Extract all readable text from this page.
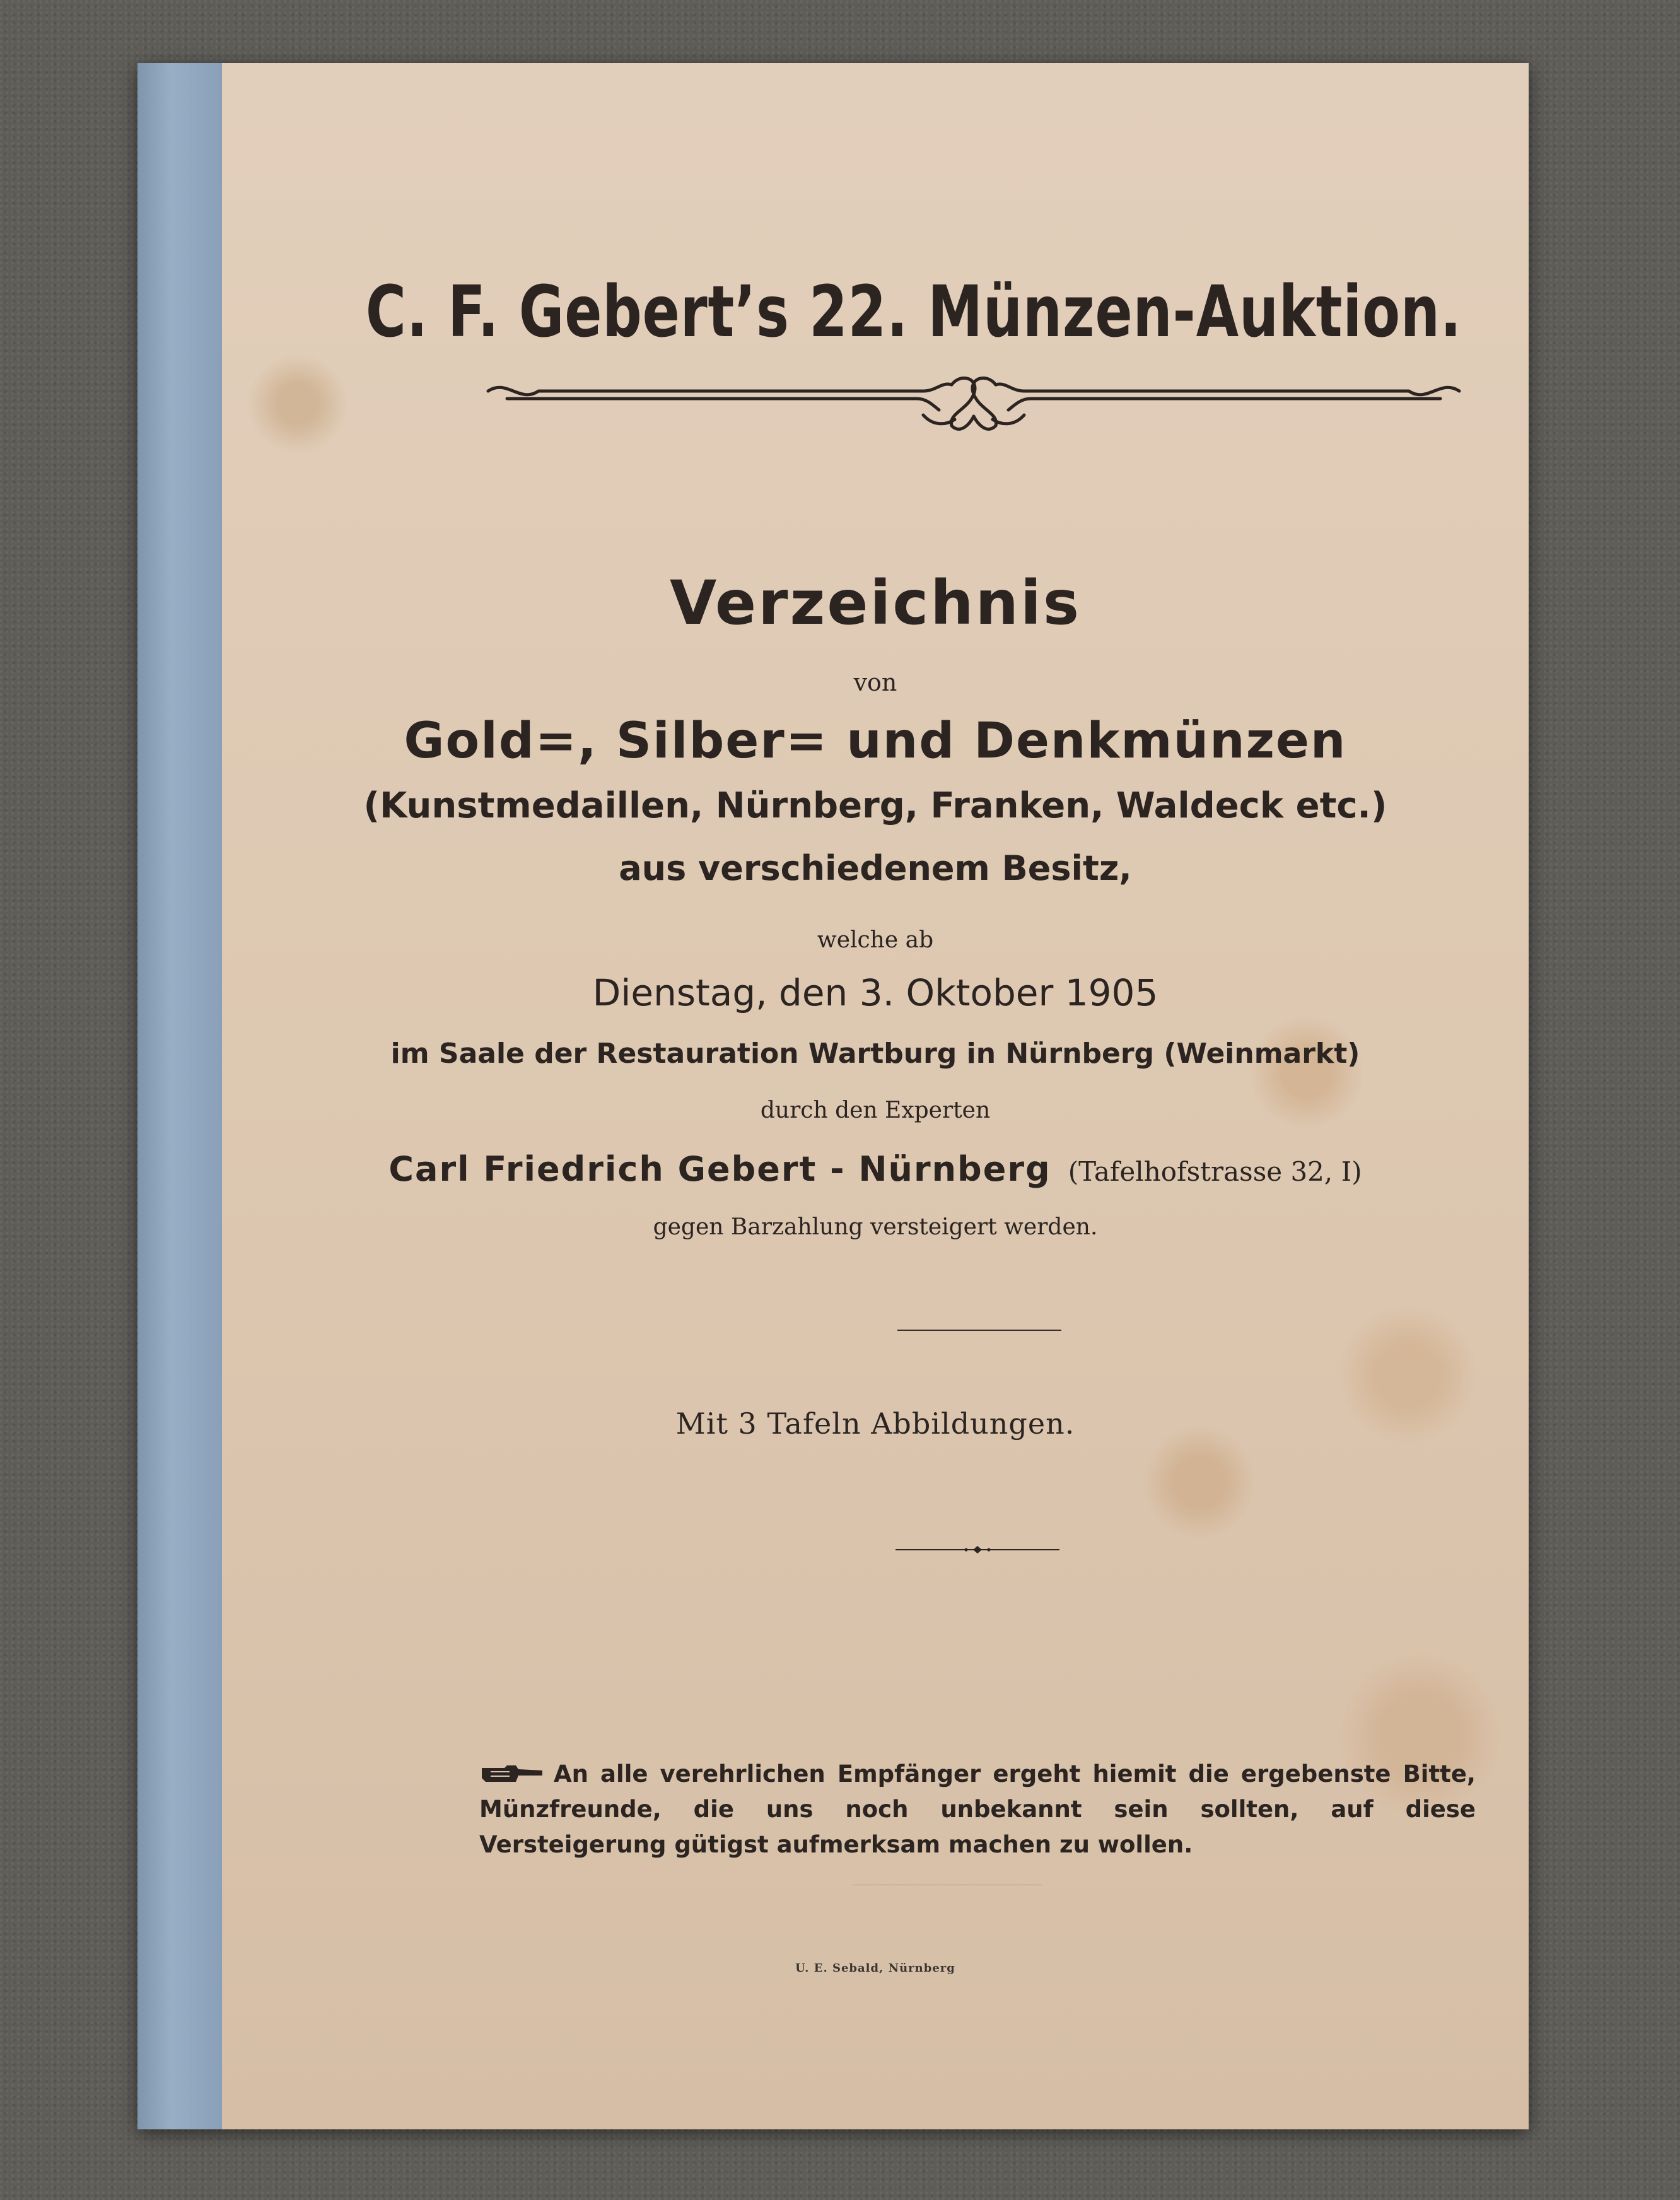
C. F. Gebert’s 22. Münzen-Auktion.
Verzeichnis
von
Gold=, Silber= und Denkmünzen
(Kunstmedaillen, Nürnberg, Franken, Waldeck etc.)
aus verschiedenem Besitz,
welche ab
Dienstag, den 3. Oktober 1905
im Saale der Restauration Wartburg in Nürnberg (Weinmarkt)
durch den Experten
Carl Friedrich Gebert - Nürnberg (Tafelhofstrasse 32, I)
gegen Barzahlung versteigert werden.
Mit 3 Tafeln Abbildungen.
An alle verehrlichen Empfänger ergeht hiemit die ergebenste Bitte, Münzfreunde, die uns noch unbekannt sein sollten, auf diese Versteigerung gütigst aufmerksam machen zu wollen.
U. E. Sebald, Nürnberg
